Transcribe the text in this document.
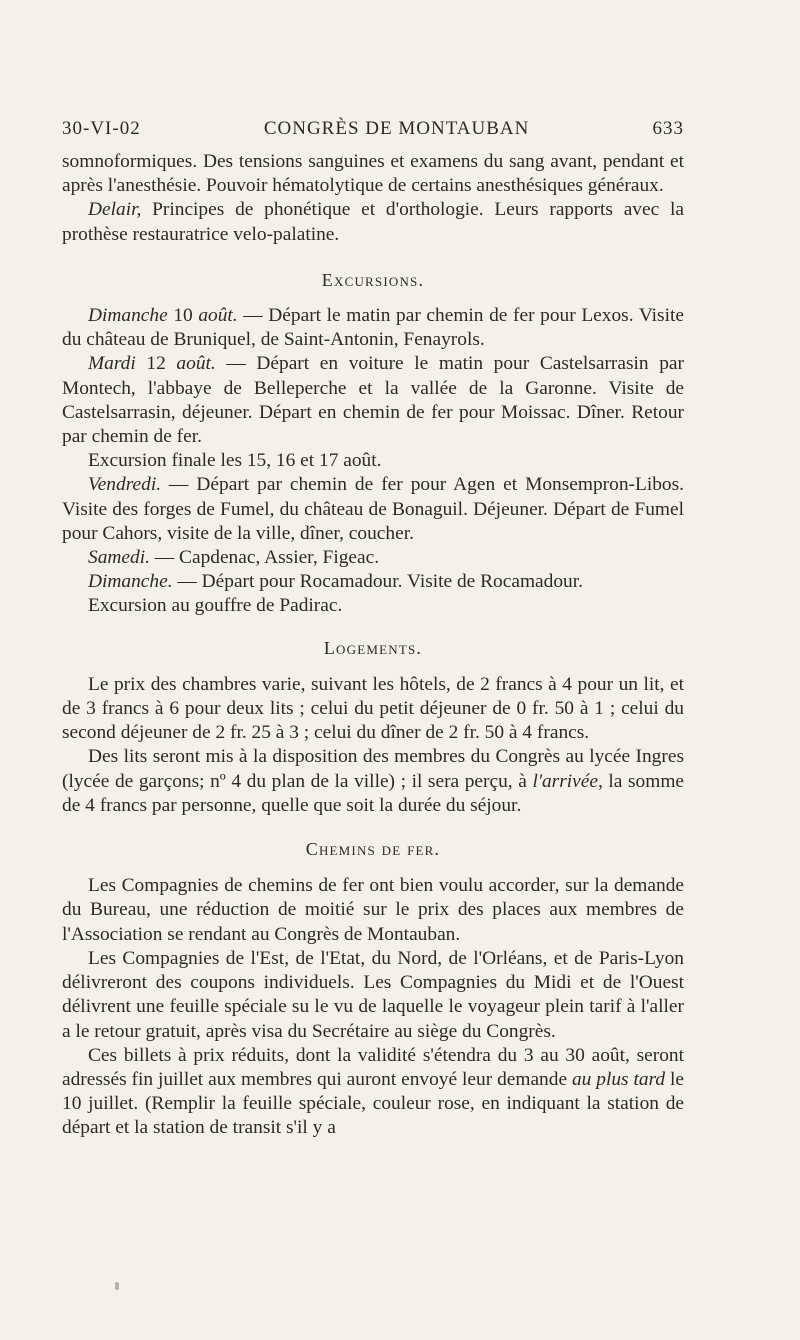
30-VI-02	CONGRÈS DE MONTAUBAN	633

somnoformiques. Des tensions sanguines et examens du sang avant, pendant et après l'anesthésie. Pouvoir hématolytique de certains anesthésiques généraux.

Delair, Principes de phonétique et d'orthologie. Leurs rapports avec la prothèse restauratrice velo-palatine.

Excursions.

Dimanche 10 août. — Départ le matin par chemin de fer pour Lexos. Visite du château de Bruniquel, de Saint-Antonin, Fenayrols.

Mardi 12 août. — Départ en voiture le matin pour Castelsarrasin par Montech, l'abbaye de Belleperche et la vallée de la Garonne. Visite de Castelsarrasin, déjeuner. Départ en chemin de fer pour Moissac. Dîner. Retour par chemin de fer.

Excursion finale les 15, 16 et 17 août.

Vendredi. — Départ par chemin de fer pour Agen et Monsempron-Libos. Visite des forges de Fumel, du château de Bonaguil. Déjeuner. Départ de Fumel pour Cahors, visite de la ville, dîner, coucher.

Samedi. — Capdenac, Assier, Figeac.

Dimanche. — Départ pour Rocamadour. Visite de Rocamadour.

Excursion au gouffre de Padirac.

Logements.

Le prix des chambres varie, suivant les hôtels, de 2 francs à 4 pour un lit, et de 3 francs à 6 pour deux lits ; celui du petit déjeuner de 0 fr. 50 à 1 ; celui du second déjeuner de 2 fr. 25 à 3 ; celui du dîner de 2 fr. 50 à 4 francs.

Des lits seront mis à la disposition des membres du Congrès au lycée Ingres (lycée de garçons; nº 4 du plan de la ville) ; il sera perçu, à l'arrivée, la somme de 4 francs par personne, quelle que soit la durée du séjour.

Chemins de fer.

Les Compagnies de chemins de fer ont bien voulu accorder, sur la demande du Bureau, une réduction de moitié sur le prix des places aux membres de l'Association se rendant au Congrès de Montauban.

Les Compagnies de l'Est, de l'Etat, du Nord, de l'Orléans, et de Paris-Lyon délivreront des coupons individuels. Les Compagnies du Midi et de l'Ouest délivrent une feuille spéciale su le vu de laquelle le voyageur plein tarif à l'aller a le retour gratuit, après visa du Secrétaire au siège du Congrès.

Ces billets à prix réduits, dont la validité s'étendra du 3 au 30 août, seront adressés fin juillet aux membres qui auront envoyé leur demande au plus tard le 10 juillet. (Remplir la feuille spéciale, couleur rose, en indiquant la station de départ et la station de transit s'il y a
